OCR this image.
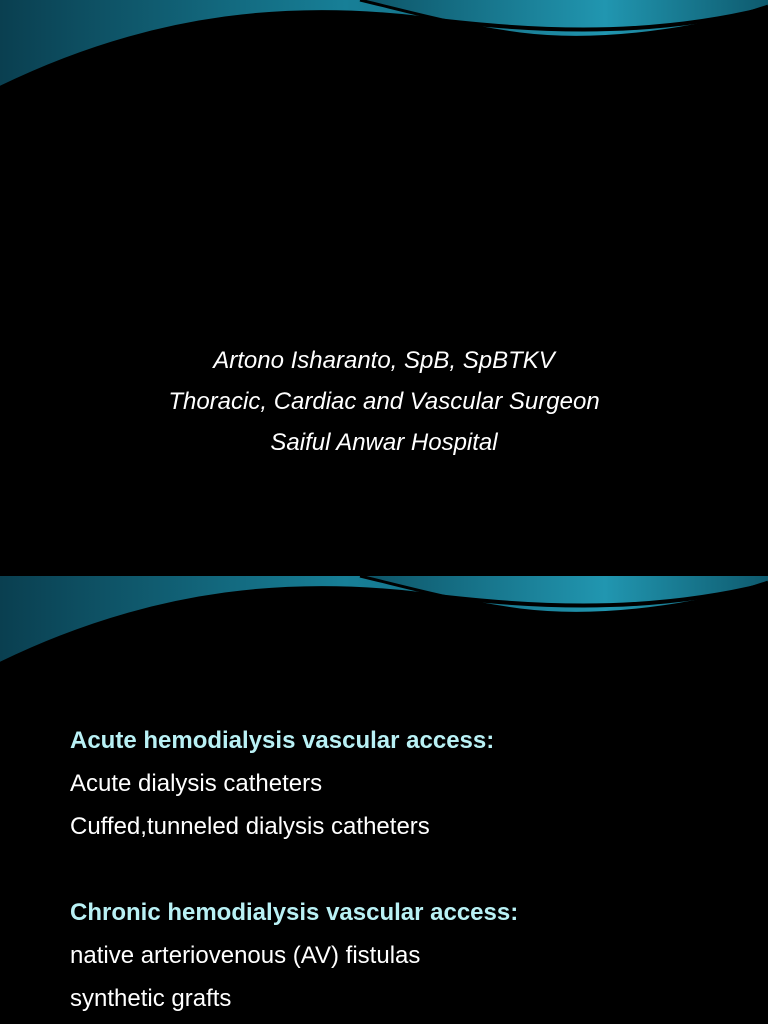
Artono Isharanto, SpB, SpBTKV
Thoracic, Cardiac and Vascular Surgeon
Saiful Anwar Hospital
Acute hemodialysis vascular access:
Acute dialysis catheters
Cuffed,tunneled dialysis catheters
Chronic hemodialysis vascular access:
native arteriovenous (AV) fistulas
synthetic grafts
